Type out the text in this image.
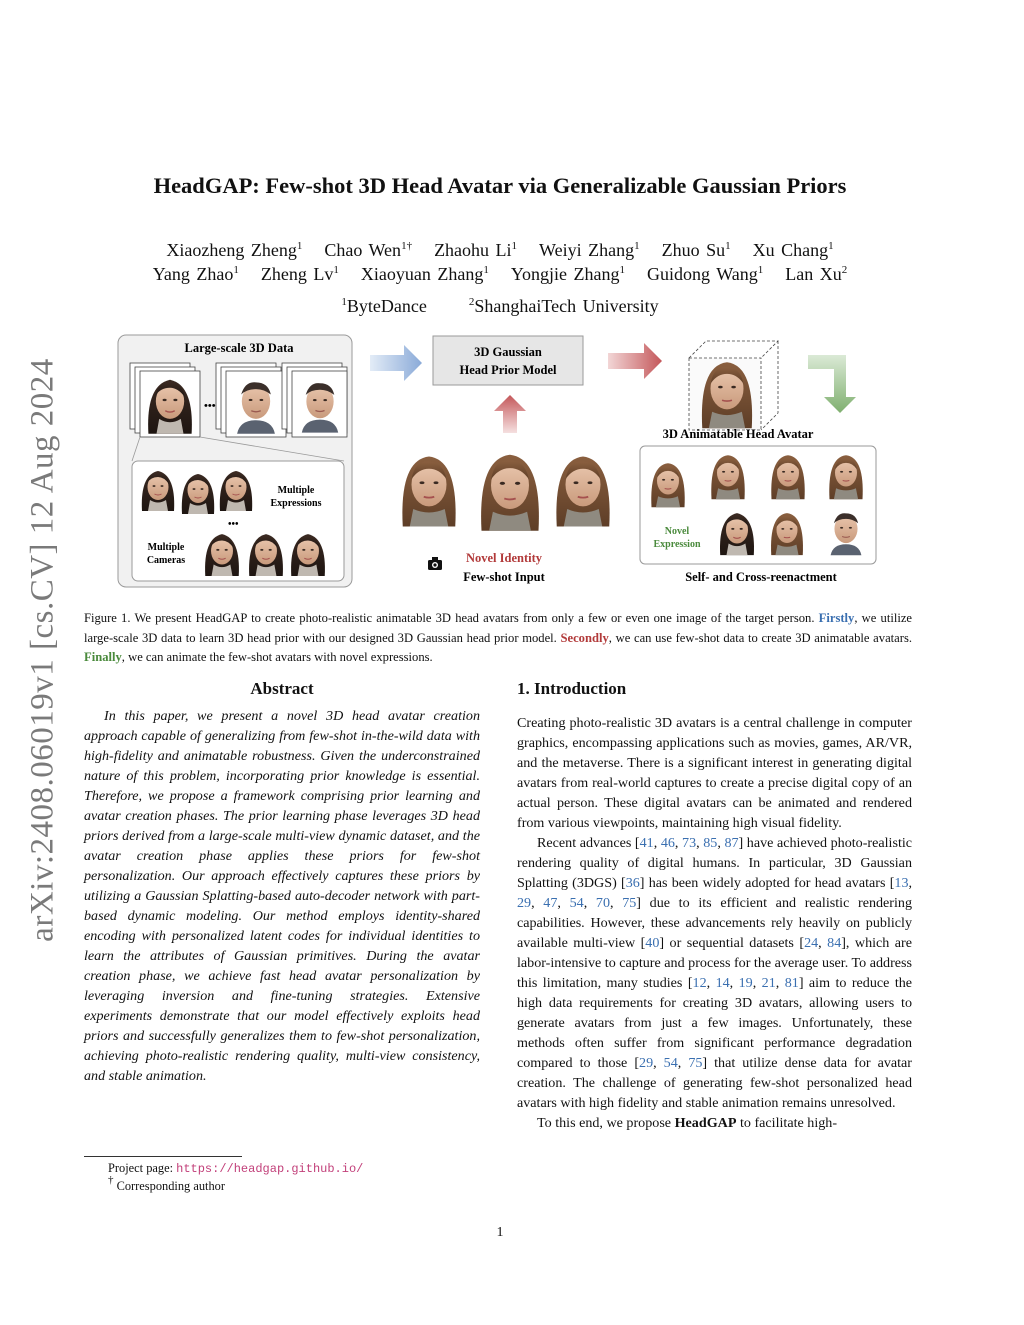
arXiv:2408.06019v1 [cs.CV] 12 Aug 2024
HeadGAP: Few-shot 3D Head Avatar via Generalizable Gaussian Priors
Xiaozheng Zheng$^1$ Chao Wen$^{1\dagger}$ Zhaohu Li$^1$ Weiyi Zhang$^1$ Zhuo Su$^1$ Xu Chang$^1$
Yang Zhao$^1$ Zheng Lv$^1$ Xiaoyuan Zhang$^1$ Yongjie Zhang$^1$ Guidong Wang$^1$ Lan Xu$^2$
$^1$ByteDance	$^2$ShanghaiTech University
Large-scale 3D Data
•••
Multiple
Expressions
•••
Multiple
Cameras
3D Gaussian
Head Prior Model
3D Animatable Head Avatar
Novel Identity
Few-shot Input
Novel
Expression
Self- and Cross-reenactment
Figure 1. We present HeadGAP to create photo-realistic animatable 3D head avatars from only a few or even one image of the target person. Firstly, we utilize large-scale 3D data to learn 3D head prior with our designed 3D Gaussian head prior model. Secondly, we can use few-shot data to create 3D animatable avatars. Finally, we can animate the few-shot avatars with novel expressions.
Abstract
In this paper, we present a novel 3D head avatar creation approach capable of generalizing from few-shot in-the-wild data with high-fidelity and animatable robustness. Given the underconstrained nature of this problem, incorporating prior knowledge is essential. Therefore, we propose a framework comprising prior learning and avatar creation phases. The prior learning phase leverages 3D head priors derived from a large-scale multi-view dynamic dataset, and the avatar creation phase applies these priors for few-shot personalization. Our approach effectively captures these priors by utilizing a Gaussian Splatting-based auto-decoder network with part-based dynamic modeling. Our method employs identity-shared encoding with personalized latent codes for individual identities to learn the attributes of Gaussian primitives. During the avatar creation phase, we achieve fast head avatar personalization by leveraging inversion and fine-tuning strategies. Extensive experiments demonstrate that our model effectively exploits head priors and successfully generalizes them to few-shot personalization, achieving photo-realistic rendering quality, multi-view consistency, and stable animation.
1. Introduction

Creating photo-realistic 3D avatars is a central challenge in computer graphics, encompassing applications such as movies, games, AR/VR, and the metaverse. There is a significant interest in generating digital avatars from real-world captures to create a precise digital copy of an actual person. These digital avatars can be animated and rendered from various viewpoints, maintaining high visual fidelity.

Recent advances [41, 46, 73, 85, 87] have achieved photo-realistic rendering quality of digital humans. In particular, 3D Gaussian Splatting (3DGS) [36] has been widely adopted for head avatars [13, 29, 47, 54, 70, 75] due to its efficient and realistic rendering capabilities. However, these advancements rely heavily on publicly available multi-view [40] or sequential datasets [24, 84], which are labor-intensive to capture and process for the average user. To address this limitation, many studies [12, 14, 19, 21, 81] aim to reduce the high data requirements for creating 3D avatars, allowing users to generate avatars from just a few images. Unfortunately, these methods often suffer from significant performance degradation compared to those [29, 54, 75] that utilize dense data for avatar creation. The challenge of generating few-shot personalized head avatars with high fidelity and stable animation remains unresolved.

To this end, we propose HeadGAP to facilitate high-

Project page: https://headgap.github.io/
† Corresponding author
1
